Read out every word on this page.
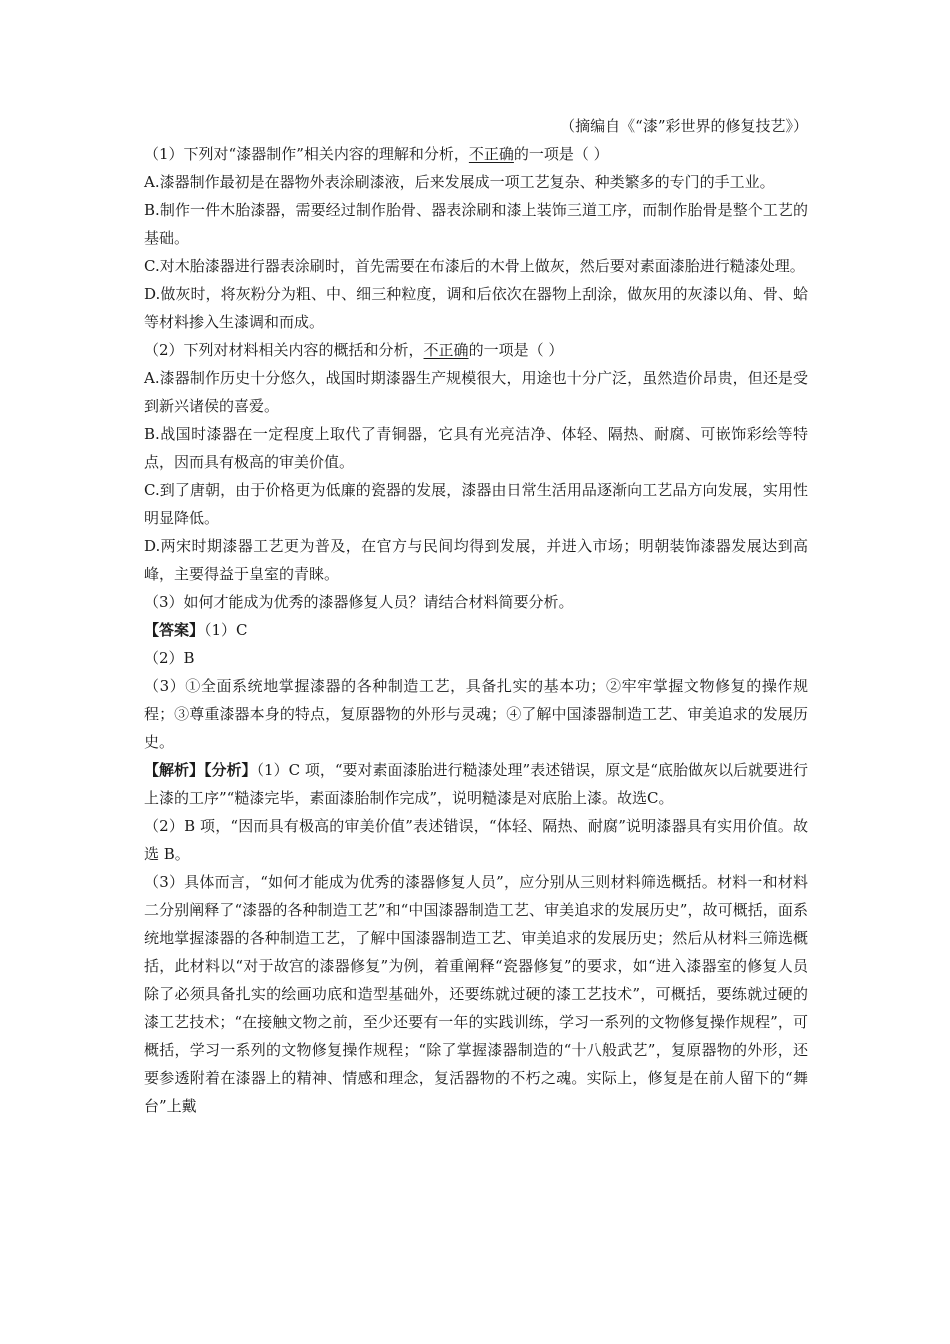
（摘编自《“漆”彩世界的修复技艺》）
（1）下列对“漆器制作”相关内容的理解和分析，不正确的一项是（ ）
A.漆器制作最初是在器物外表涂刷漆液，后来发展成一项工艺复杂、种类繁多的专门的手工业。
B.制作一件木胎漆器，需要经过制作胎骨、器表涂刷和漆上装饰三道工序，而制作胎骨是整个工艺的基础。
C.对木胎漆器进行器表涂刷时，首先需要在布漆后的木骨上做灰，然后要对素面漆胎进行糙漆处理。
D.做灰时，将灰粉分为粗、中、细三种粒度，调和后依次在器物上刮涂，做灰用的灰漆以角、骨、蛤等材料掺入生漆调和而成。
（2）下列对材料相关内容的概括和分析，不正确的一项是（ ）
A.漆器制作历史十分悠久，战国时期漆器生产规模很大，用途也十分广泛，虽然造价昂贵，但还是受到新兴诸侯的喜爱。
B.战国时漆器在一定程度上取代了青铜器，它具有光亮洁净、体轻、隔热、耐腐、可嵌饰彩绘等特点，因而具有极高的审美价值。
C.到了唐朝，由于价格更为低廉的瓷器的发展，漆器由日常生活用品逐渐向工艺品方向发展，实用性明显降低。
D.两宋时期漆器工艺更为普及，在官方与民间均得到发展，并进入市场；明朝装饰漆器发展达到高峰，主要得益于皇室的青睐。
（3）如何才能成为优秀的漆器修复人员？请结合材料简要分析。
【答案】（1）C
（2）B
（3）①全面系统地掌握漆器的各种制造工艺，具备扎实的基本功；②牢牢掌握文物修复的操作规程；③尊重漆器本身的特点，复原器物的外形与灵魂；④了解中国漆器制造工艺、审美追求的发展历史。
【解析】【分析】（1）C 项，“要对素面漆胎进行糙漆处理”表述错误，原文是“底胎做灰以后就要进行上漆的工序”“糙漆完毕，素面漆胎制作完成”，说明糙漆是对底胎上漆。故选C。
（2）B 项，“因而具有极高的审美价值”表述错误，“体轻、隔热、耐腐”说明漆器具有实用价值。故选 B。
（3）具体而言，“如何才能成为优秀的漆器修复人员”，应分别从三则材料筛选概括。材料一和材料二分别阐释了“漆器的各种制造工艺”和“中国漆器制造工艺、审美追求的发展历史”，故可概括，面系统地掌握漆器的各种制造工艺，了解中国漆器制造工艺、审美追求的发展历史；然后从材料三筛选概括，此材料以“对于故宫的漆器修复”为例，着重阐释“瓷器修复”的要求，如“进入漆器室的修复人员除了必须具备扎实的绘画功底和造型基础外，还要练就过硬的漆工艺技术”，可概括，要练就过硬的漆工艺技术；“在接触文物之前，至少还要有一年的实践训练，学习一系列的文物修复操作规程”，可概括，学习一系列的文物修复操作规程；“除了掌握漆器制造的“十八般武艺”，复原器物的外形，还要参透附着在漆器上的精神、情感和理念，复活器物的不朽之魂。实际上，修复是在前人留下的“舞台”上戴
